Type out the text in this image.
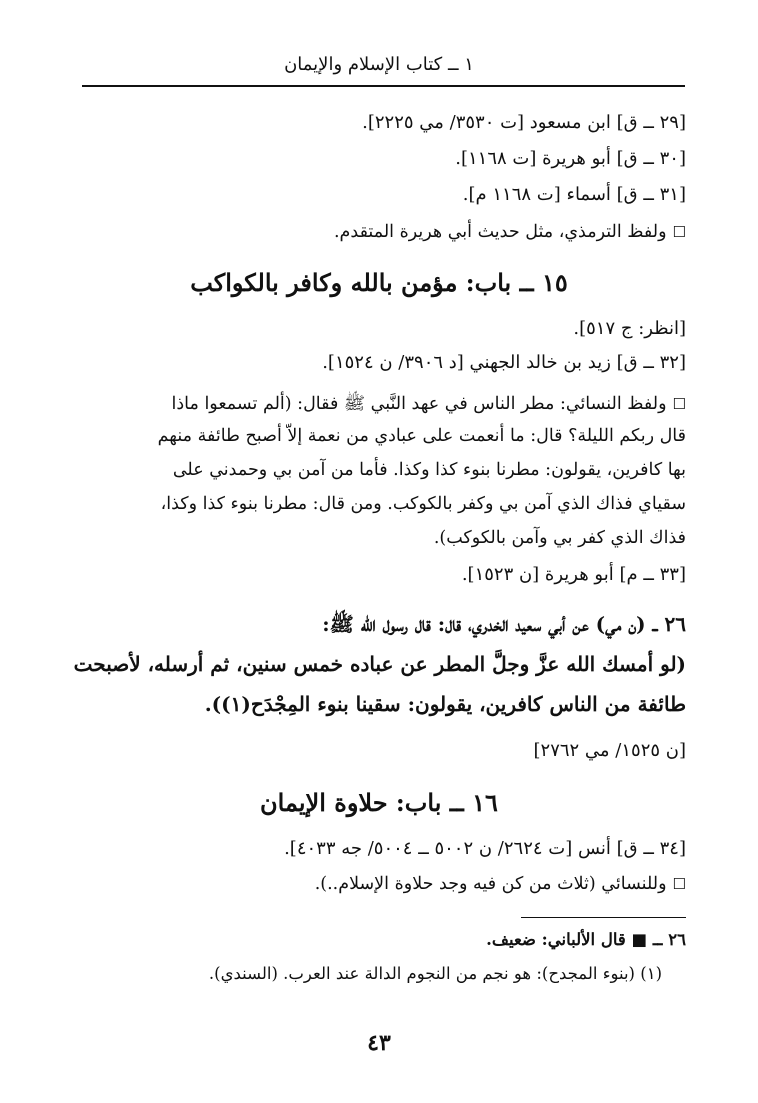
١ ــ كتاب الإسلام والإيمان
[٢٩ ــ ق] ابن مسعود [ت ٣٥٣٠/ مي ٢٢٢٥].
[٣٠ ــ ق] أبو هريرة [ت ١١٦٨].
[٣١ ــ ق] أسماء [ت ١١٦٨ م].
☐ولفظ الترمذي، مثل حديث أبي هريرة المتقدم.
١٥ ــ باب: مؤمن بالله وكافر بالكواكب
[انظر: ج ٥١٧].
[٣٢ ــ ق] زيد بن خالد الجهني [د ٣٩٠٦/ ن ١٥٢٤].
☐ولفظ النسائي: مطر الناس في عهد النَّبي ﷺ فقال: (ألم تسمعوا ماذا
قال ربكم الليلة؟ قال: ما أنعمت على عبادي من نعمة إلاّ أصبح طائفة منهم
بها كافرين، يقولون: مطرنا بنوء كذا وكذا. فأما من آمن بي وحمدني على
سقياي فذاك الذي آمن بي وكفر بالكوكب. ومن قال: مطرنا بنوء كذا وكذا،
فذاك الذي كفر بي وآمن بالكوكب).
[٣٣ ــ م] أبو هريرة [ن ١٥٢٣].
٢٦ ــ (ن مي) عن أبي سعيد الخدري، قال: قال رسول الله ﷺ:
(لو أمسك الله عزَّ وجلَّ المطر عن عباده خمس سنين، ثم أرسله، لأصبحت
طائفة من الناس كافرين، يقولون: سقينا بنوء المِجْدَح(١)).
[ن ١٥٢٥/ مي ٢٧٦٢]
١٦ ــ باب: حلاوة الإيمان
[٣٤ ــ ق] أنس [ت ٢٦٢٤/ ن ٥٠٠٢ ــ ٥٠٠٤/ جه ٤٠٣٣].
☐وللنسائي (ثلاث من كن فيه وجد حلاوة الإسلام..).
٢٦ ــ ■ قال الألباني: ضعيف.
(١) (بنوء المجدح): هو نجم من النجوم الدالة عند العرب. (السندي).
٤٣
